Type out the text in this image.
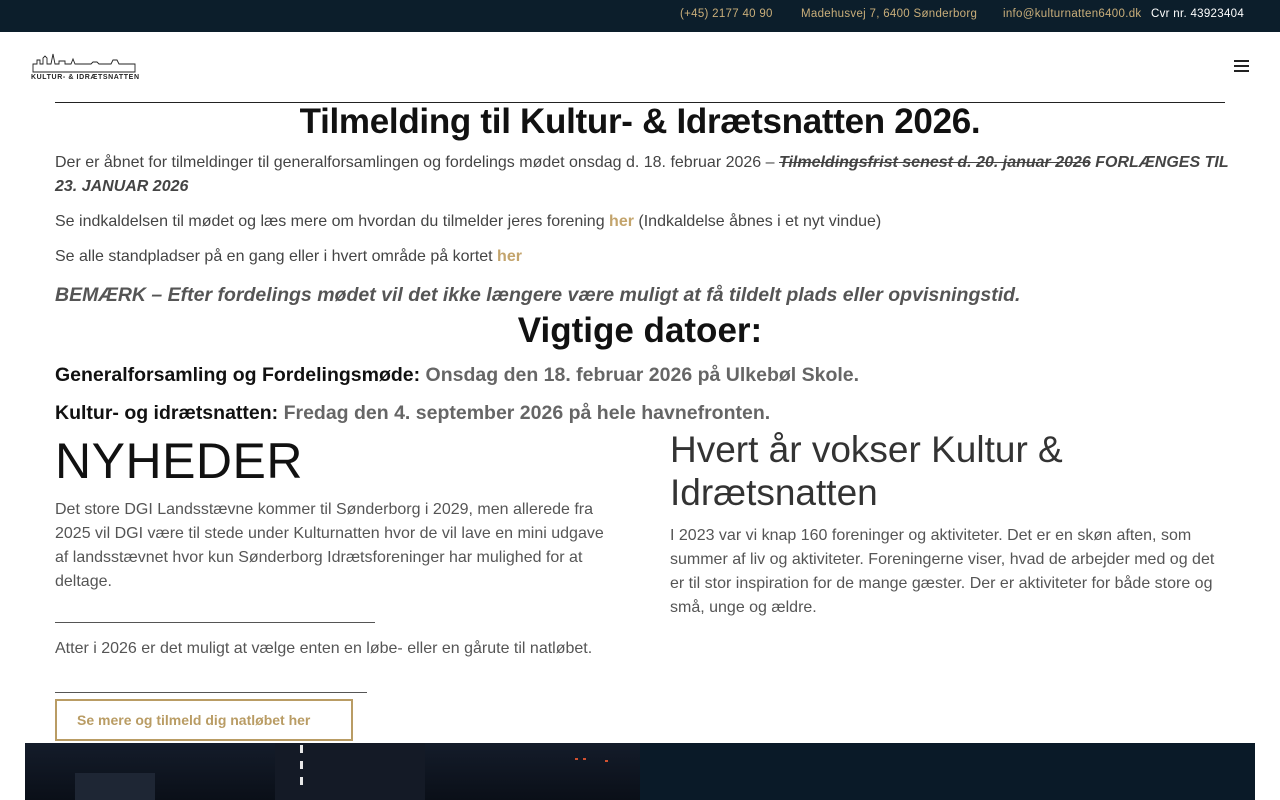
(+45) 2177 40 90 Madehusvej 7, 6400 Sønderborg info@kulturnatten6400.dk Cvr nr. 43923404
KULTUR- & IDRÆTSNATTEN
Tilmelding til Kultur- & Idrætsnatten 2026.
Der er åbnet for tilmeldinger til generalforsamlingen og fordelings mødet onsdag d. 18. februar 2026 – Tilmeldingsfrist senest d. 20. januar 2026 FORLÆNGES TIL
23. JANUAR 2026
Se indkaldelsen til mødet og læs mere om hvordan du tilmelder jeres forening her (Indkaldelse åbnes i et nyt vindue)
Se alle standpladser på en gang eller i hvert område på kortet her
BEMÆRK – Efter fordelings mødet vil det ikke længere være muligt at få tildelt plads eller opvisningstid.
Vigtige datoer:
Generalforsamling og Fordelingsmøde: Onsdag den 18. februar 2026 på Ulkebøl Skole.
Kultur- og idrætsnatten: Fredag den 4. september 2026 på hele havnefronten.
NYHEDER

Det store DGI Landsstævne kommer til Sønderborg i 2029, men allerede fra 2025 vil DGI være til stede under Kulturnatten hvor de vil lave en mini udgave af landsstævnet hvor kun Sønderborg Idrætsforeninger har mulighed for at deltage.

Atter i 2026 er det muligt at vælge enten en løbe- eller en gårute til natløbet.

Se mere og tilmeld dig natløbet her
Hvert år vokser Kultur & Idrætsnatten

I 2023 var vi knap 160 foreninger og aktiviteter. Det er en skøn aften, som summer af liv og aktiviteter. Foreningerne viser, hvad de arbejder med og det er til stor inspiration for de mange gæster. Der er aktiviteter for både store og små, unge og ældre.
